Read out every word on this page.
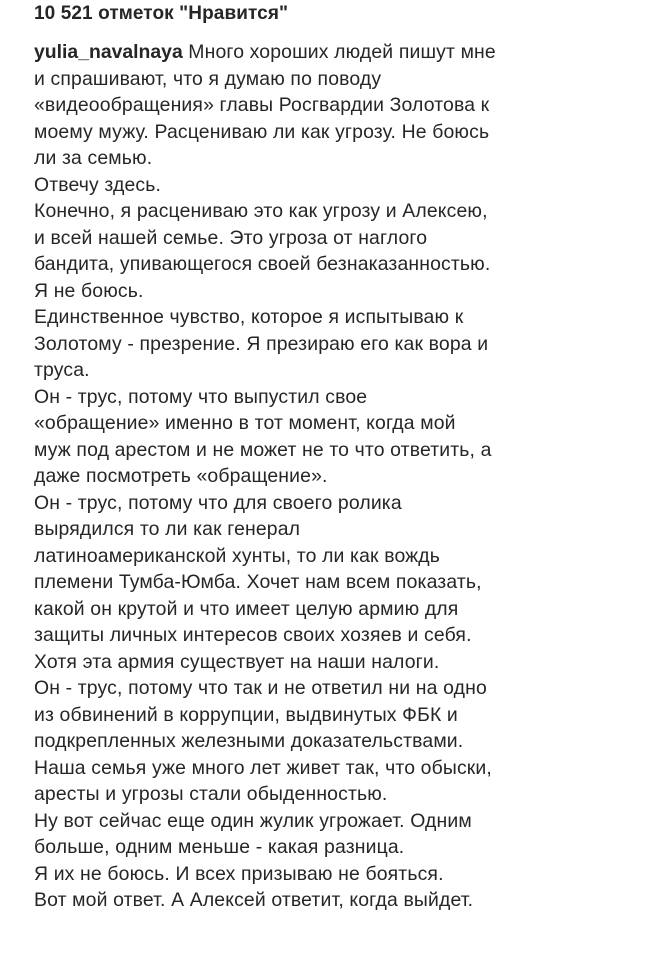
10 521 отметок "Нравится"
yulia_navalnaya Много хороших людей пишут мне
и спрашивают, что я думаю по поводу
«видеообращения» главы Росгвардии Золотова к
моему мужу. Расцениваю ли как угрозу. Не боюсь
ли за семью.
Отвечу здесь.
Конечно, я расцениваю это как угрозу и Алексею,
и всей нашей семье. Это угроза от наглого
бандита, упивающегося своей безнаказанностью.
Я не боюсь.
Единственное чувство, которое я испытываю к
Золотому - презрение. Я презираю его как вора и
труса.
Он - трус, потому что выпустил свое
«обращение» именно в тот момент, когда мой
муж под арестом и не может не то что ответить, а
даже посмотреть «обращение».
Он - трус, потому что для своего ролика
вырядился то ли как генерал
латиноамериканской хунты, то ли как вождь
племени Тумба-Юмба. Хочет нам всем показать,
какой он крутой и что имеет целую армию для
защиты личных интересов своих хозяев и себя.
Хотя эта армия существует на наши налоги.
Он - трус, потому что так и не ответил ни на одно
из обвинений в коррупции, выдвинутых ФБК и
подкрепленных железными доказательствами.
Наша семья уже много лет живет так, что обыски,
аресты и угрозы стали обыденностью.
Ну вот сейчас еще один жулик угрожает. Одним
больше, одним меньше - какая разница.
Я их не боюсь. И всех призываю не бояться.
Вот мой ответ. А Алексей ответит, когда выйдет.
